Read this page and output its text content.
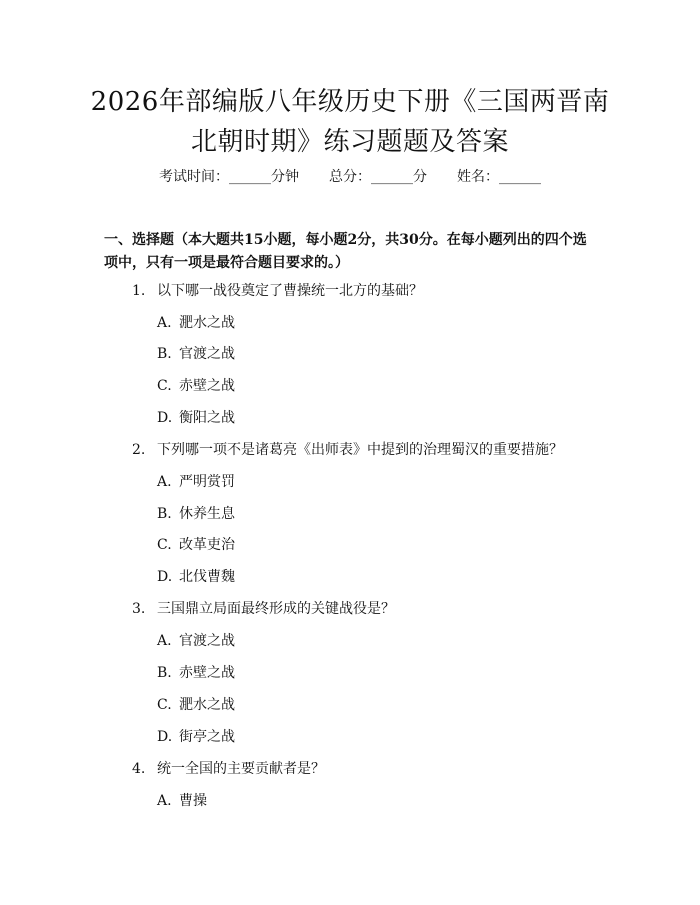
2026年部编版八年级历史下册《三国两晋南
北朝时期》练习题题及答案
考试时间：______分钟 总分：______分 姓名：______
一、选择题（本大题共15小题，每小题2分，共30分。在每小题列出的四个选
项中，只有一项是最符合题目要求的。）
1. 以下哪一战役奠定了曹操统一北方的基础？
A. 淝水之战
B. 官渡之战
C. 赤壁之战
D. 衡阳之战
2. 下列哪一项不是诸葛亮《出师表》中提到的治理蜀汉的重要措施？
A. 严明赏罚
B. 休养生息
C. 改革吏治
D. 北伐曹魏
3. 三国鼎立局面最终形成的关键战役是？
A. 官渡之战
B. 赤壁之战
C. 淝水之战
D. 街亭之战
4. 统一全国的主要贡献者是？
A. 曹操
